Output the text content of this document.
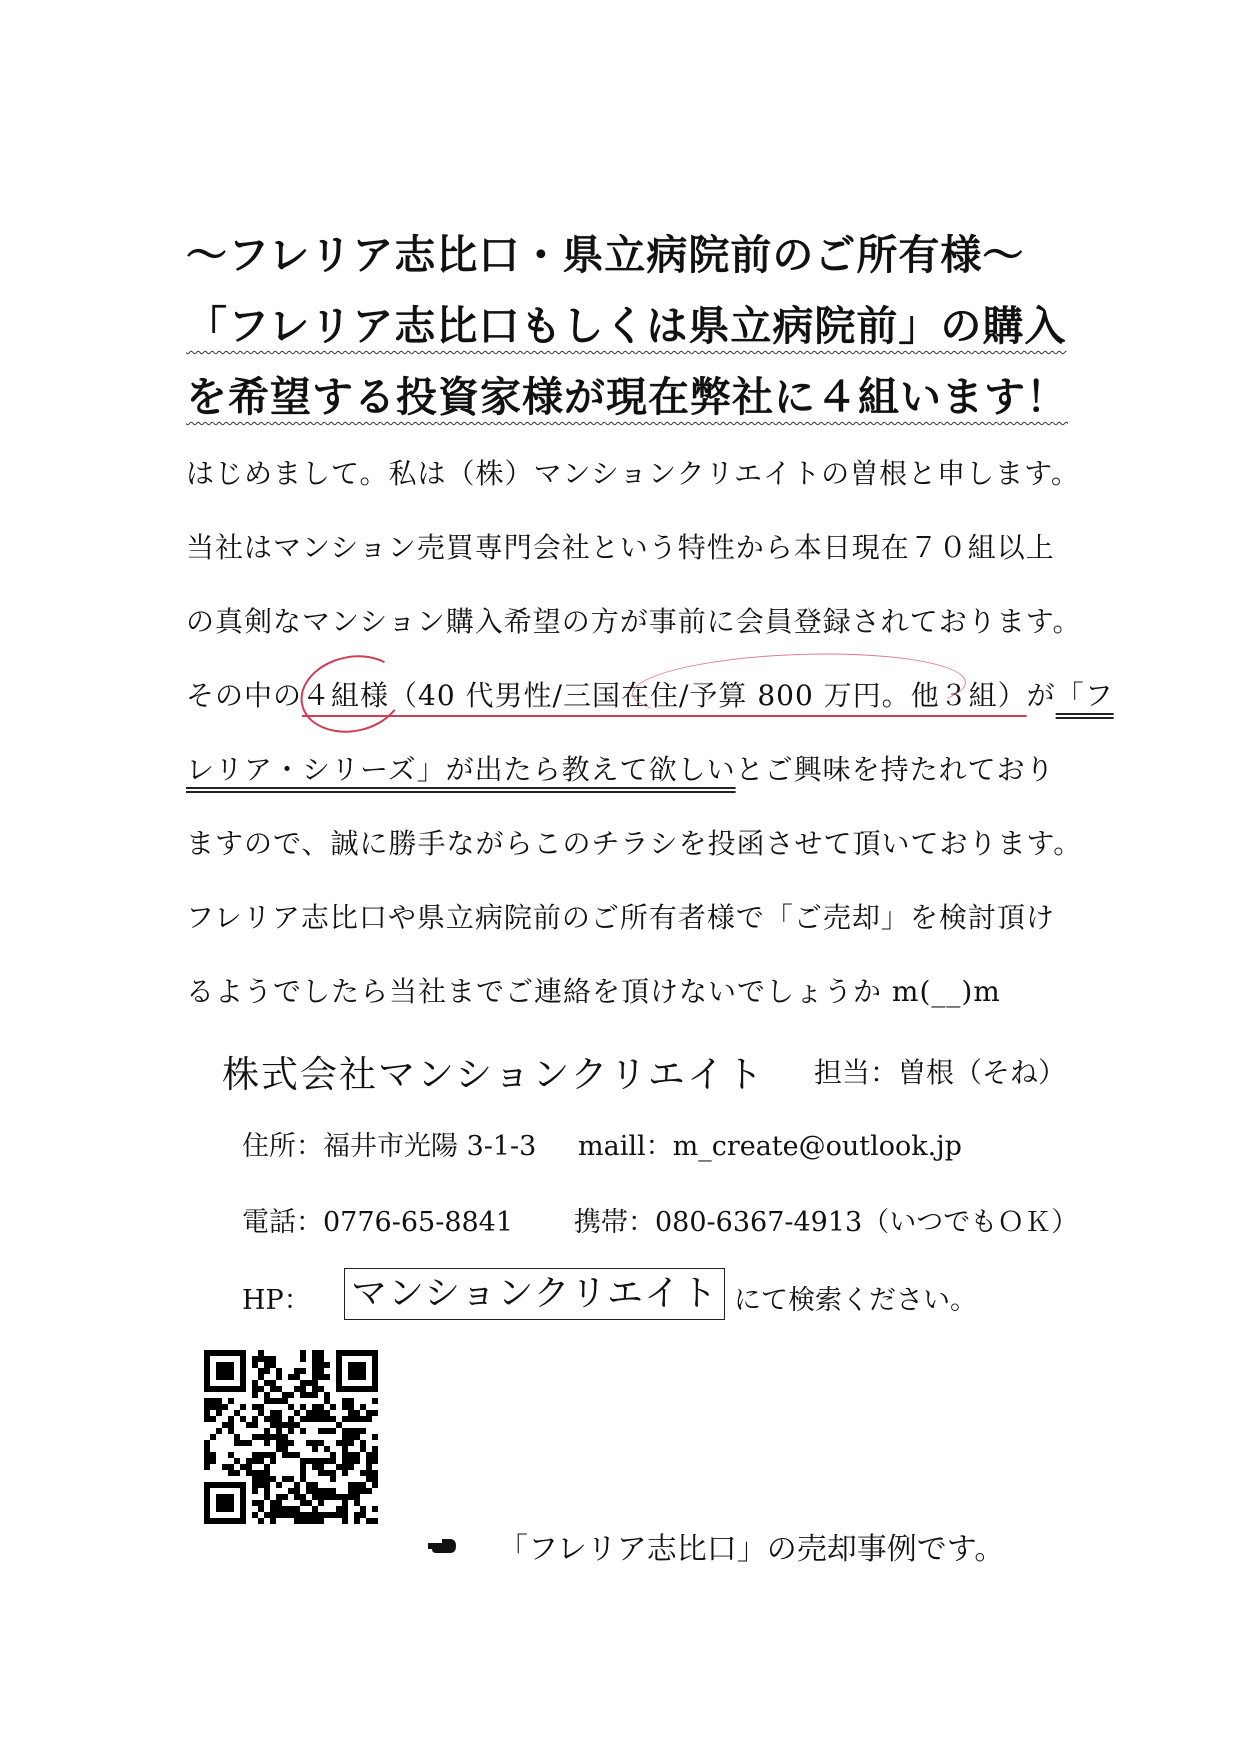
〜フレリア志比口・県立病院前のご所有様〜
「フレリア志比口もしくは県立病院前」の購入
を希望する投資家様が現在弊社に４組います！
はじめまして。私は（株）マンションクリエイトの曽根と申します。
当社はマンション売買専門会社という特性から本日現在７０組以上
の真剣なマンション購入希望の方が事前に会員登録されております。
その中の４組様（40 代男性/三国在住/予算 800 万円。他３組）が「フ
レリア・シリーズ」が出たら教えて欲しいとご興味を持たれており
ますので、誠に勝手ながらこのチラシを投函させて頂いております。
フレリア志比口や県立病院前のご所有者様で「ご売却」を検討頂け
るようでしたら当社までご連絡を頂けないでしょうか m(__)m
株式会社マンションクリエイト 担当：曽根（そね）
住所：福井市光陽 3-1-3 maill：m_create@outlook.jp
電話：0776-65-8841 携帯：080-6367-4913（いつでもＯＫ）
HP： マンションクリエイト にて検索ください。
「フレリア志比口」の売却事例です。
